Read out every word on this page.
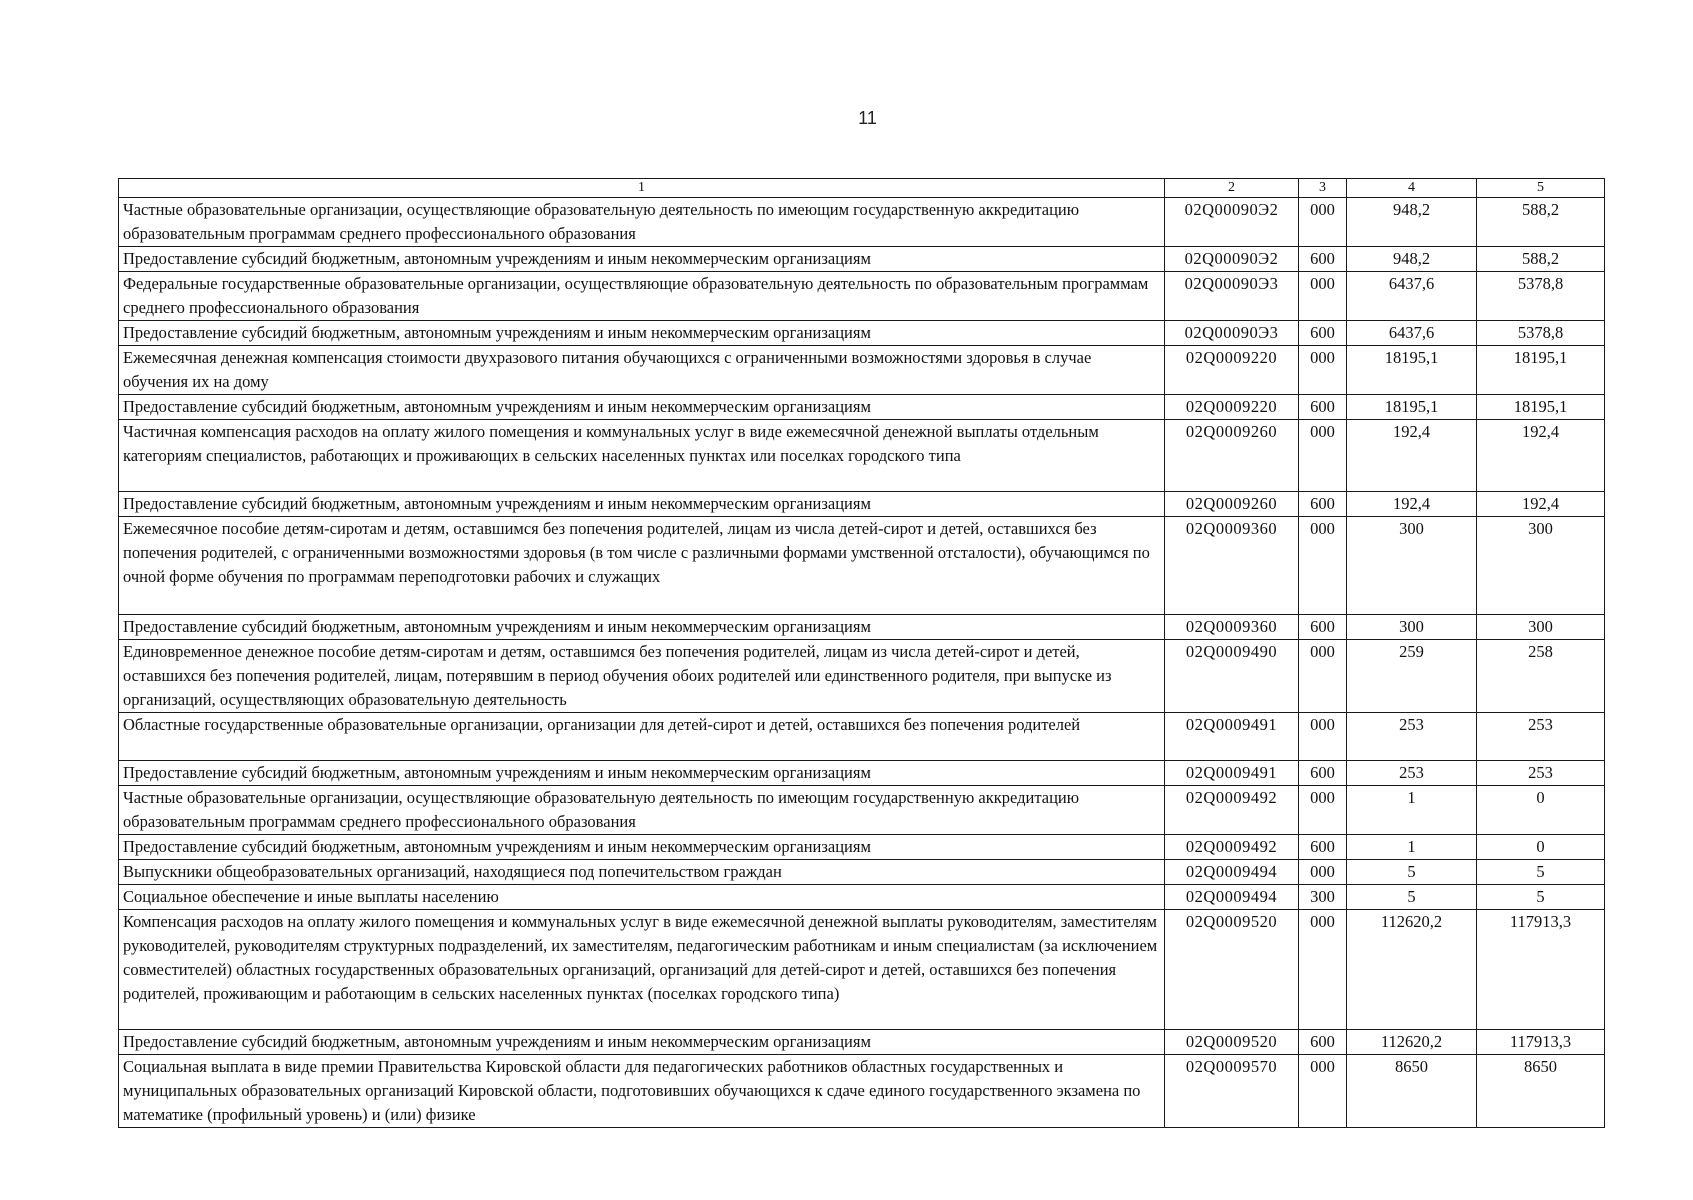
11
1	2	3	4	5
Частные образовательные организации, осуществляющие образовательную деятельность по имеющим государственную аккредитацию образовательным программам среднего профессионального образования	02Q00090Э2	000	948,2	588,2
Предоставление субсидий бюджетным, автономным учреждениям и иным некоммерческим организациям	02Q00090Э2	600	948,2	588,2
Федеральные государственные образовательные организации, осуществляющие образовательную деятельность по образовательным программам среднего профессионального образования	02Q00090Э3	000	6437,6	5378,8
Предоставление субсидий бюджетным, автономным учреждениям и иным некоммерческим организациям	02Q00090Э3	600	6437,6	5378,8
Ежемесячная денежная компенсация стоимости двухразового питания обучающихся с ограниченными возможностями здоровья в случае обучения их на дому	02Q0009220	000	18195,1	18195,1
Предоставление субсидий бюджетным, автономным учреждениям и иным некоммерческим организациям	02Q0009220	600	18195,1	18195,1
Частичная компенсация расходов на оплату жилого помещения и коммунальных услуг в виде ежемесячной денежной выплаты отдельным категориям специалистов, работающих и проживающих в сельских населенных пунктах или поселках городского типа	02Q0009260	000	192,4	192,4
Предоставление субсидий бюджетным, автономным учреждениям и иным некоммерческим организациям	02Q0009260	600	192,4	192,4
Ежемесячное пособие детям-сиротам и детям, оставшимся без попечения родителей, лицам из числа детей-сирот и детей, оставшихся без попечения родителей, с ограниченными возможностями здоровья (в том числе с различными формами умственной отсталости), обучающимся по очной форме обучения по программам переподготовки рабочих и служащих	02Q0009360	000	300	300
Предоставление субсидий бюджетным, автономным учреждениям и иным некоммерческим организациям	02Q0009360	600	300	300
Единовременное денежное пособие детям-сиротам и детям, оставшимся без попечения родителей, лицам из числа детей-сирот и детей, оставшихся без попечения родителей, лицам, потерявшим в период обучения обоих родителей или единственного родителя, при выпуске из организаций, осуществляющих образовательную деятельность	02Q0009490	000	259	258
Областные государственные образовательные организации, организации для детей-сирот и детей, оставшихся без попечения родителей	02Q0009491	000	253	253
Предоставление субсидий бюджетным, автономным учреждениям и иным некоммерческим организациям	02Q0009491	600	253	253
Частные образовательные организации, осуществляющие образовательную деятельность по имеющим государственную аккредитацию образовательным программам среднего профессионального образования	02Q0009492	000	1	0
Предоставление субсидий бюджетным, автономным учреждениям и иным некоммерческим организациям	02Q0009492	600	1	0
Выпускники общеобразовательных организаций, находящиеся под попечительством граждан	02Q0009494	000	5	5
Социальное обеспечение и иные выплаты населению	02Q0009494	300	5	5
Компенсация расходов на оплату жилого помещения и коммунальных услуг в виде ежемесячной денежной выплаты руководителям, заместителям руководителей, руководителям структурных подразделений, их заместителям, педагогическим работникам и иным специалистам (за исключением совместителей) областных государственных образовательных организаций, организаций для детей-сирот и детей, оставшихся без попечения родителей, проживающим и работающим в сельских населенных пунктах (поселках городского типа)	02Q0009520	000	112620,2	117913,3
Предоставление субсидий бюджетным, автономным учреждениям и иным некоммерческим организациям	02Q0009520	600	112620,2	117913,3
Социальная выплата в виде премии Правительства Кировской области для педагогических работников областных государственных и муниципальных образовательных организаций Кировской области, подготовивших обучающихся к сдаче единого государственного экзамена по математике (профильный уровень) и (или) физике	02Q0009570	000	8650	8650
